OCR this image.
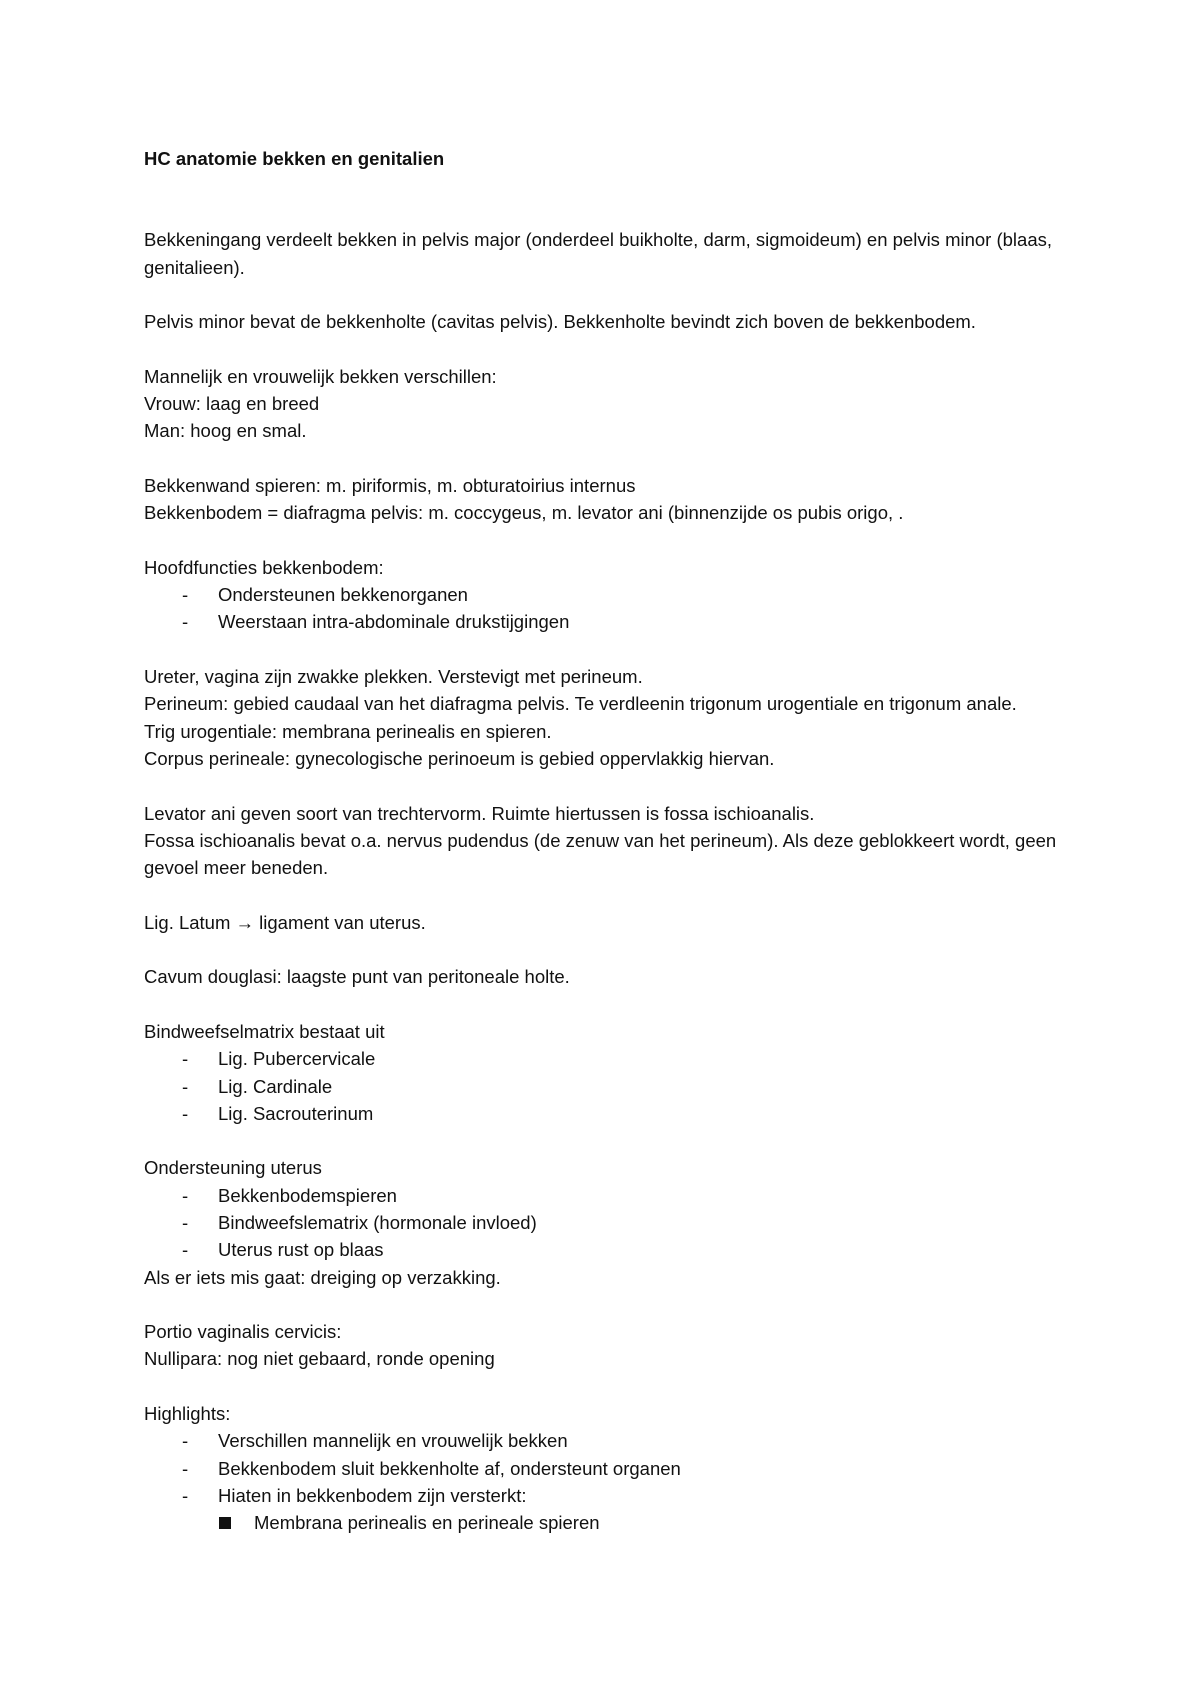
HC anatomie bekken en genitalien

Bekkeningang verdeelt bekken in pelvis major (onderdeel buikholte, darm, sigmoideum) en pelvis minor (blaas, genitalieen).

Pelvis minor bevat de bekkenholte (cavitas pelvis). Bekkenholte bevindt zich boven de bekkenbodem.

Mannelijk en vrouwelijk bekken verschillen:

Vrouw: laag en breed

Man: hoog en smal.

Bekkenwand spieren: m. piriformis, m. obturatoirius internus

Bekkenbodem = diafragma pelvis: m. coccygeus, m. levator ani (binnenzijde os pubis origo, .

Hoofdfuncties bekkenbodem:

- Ondersteunen bekkenorganen
- Weerstaan intra-abdominale drukstijgingen

Ureter, vagina zijn zwakke plekken. Verstevigt met perineum.

Perineum: gebied caudaal van het diafragma pelvis. Te verdleenin trigonum urogentiale en trigonum anale.

Trig urogentiale: membrana perinealis en spieren.

Corpus perineale: gynecologische perinoeum is gebied oppervlakkig hiervan.

Levator ani geven soort van trechtervorm. Ruimte hiertussen is fossa ischioanalis.

Fossa ischioanalis bevat o.a. nervus pudendus (de zenuw van het perineum). Als deze geblokkeert wordt, geen gevoel meer beneden.

Lig. Latum → ligament van uterus.

Cavum douglasi: laagste punt van peritoneale holte.

Bindweefselmatrix bestaat uit

- Lig. Pubercervicale
- Lig. Cardinale
- Lig. Sacrouterinum

Ondersteuning uterus

- Bekkenbodemspieren
- Bindweefslematrix (hormonale invloed)
- Uterus rust op blaas

Als er iets mis gaat: dreiging op verzakking.

Portio vaginalis cervicis:

Nullipara: nog niet gebaard, ronde opening

Highlights:

- Verschillen mannelijk en vrouwelijk bekken
- Bekkenbodem sluit bekkenholte af, ondersteunt organen
- Hiaten in bekkenbodem zijn versterkt:
Membrana perinealis en perineale spieren
